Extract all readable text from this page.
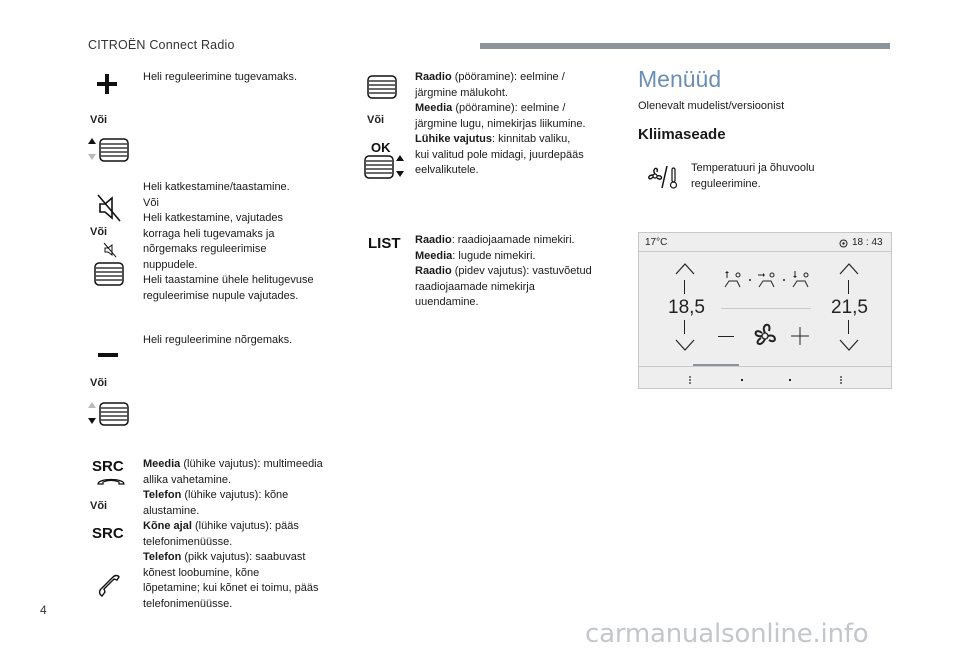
CITROËN Connect Radio
Heli reguleerimine tugevamaks.
Või
Heli katkestamine/taastamine.
Või
Heli katkestamine, vajutades
korraga heli tugevamaks ja
nõrgemaks reguleerimise
nuppudele.
Heli taastamine ühele helitugevuse
reguleerimise nupule vajutades.
Või
Heli reguleerimine nõrgemaks.
Või
SRC
Või
SRC
Meedia (lühike vajutus): multimeedia
allika vahetamine.
Telefon (lühike vajutus): kõne
alustamine.
Kõne ajal (lühike vajutus): pääs
telefonimenüüsse.
Telefon (pikk vajutus): saabuvast
kõnest loobumine, kõne
lõpetamine; kui kõnet ei toimu, pääs
telefonimenüüsse.
Või
OK
Raadio (pööramine): eelmine /
järgmine mälukoht.
Meedia (pööramine): eelmine /
järgmine lugu, nimekirjas liikumine.
Lühike vajutus: kinnitab valiku,
kui valitud pole midagi, juurdepääs
eelvalikutele.
LIST Raadio: raadiojaamade nimekiri.
Meedia: lugude nimekiri.
Raadio (pidev vajutus): vastuvõetud
raadiojaamade nimekirja
uuendamine.
Menüüd
Olenevalt mudelist/versioonist
Kliimaseade
Temperatuuri ja õhuvoolu
reguleerimine.
17°C	18 : 43
18,5	21,5
4
carmanualsonline.info
